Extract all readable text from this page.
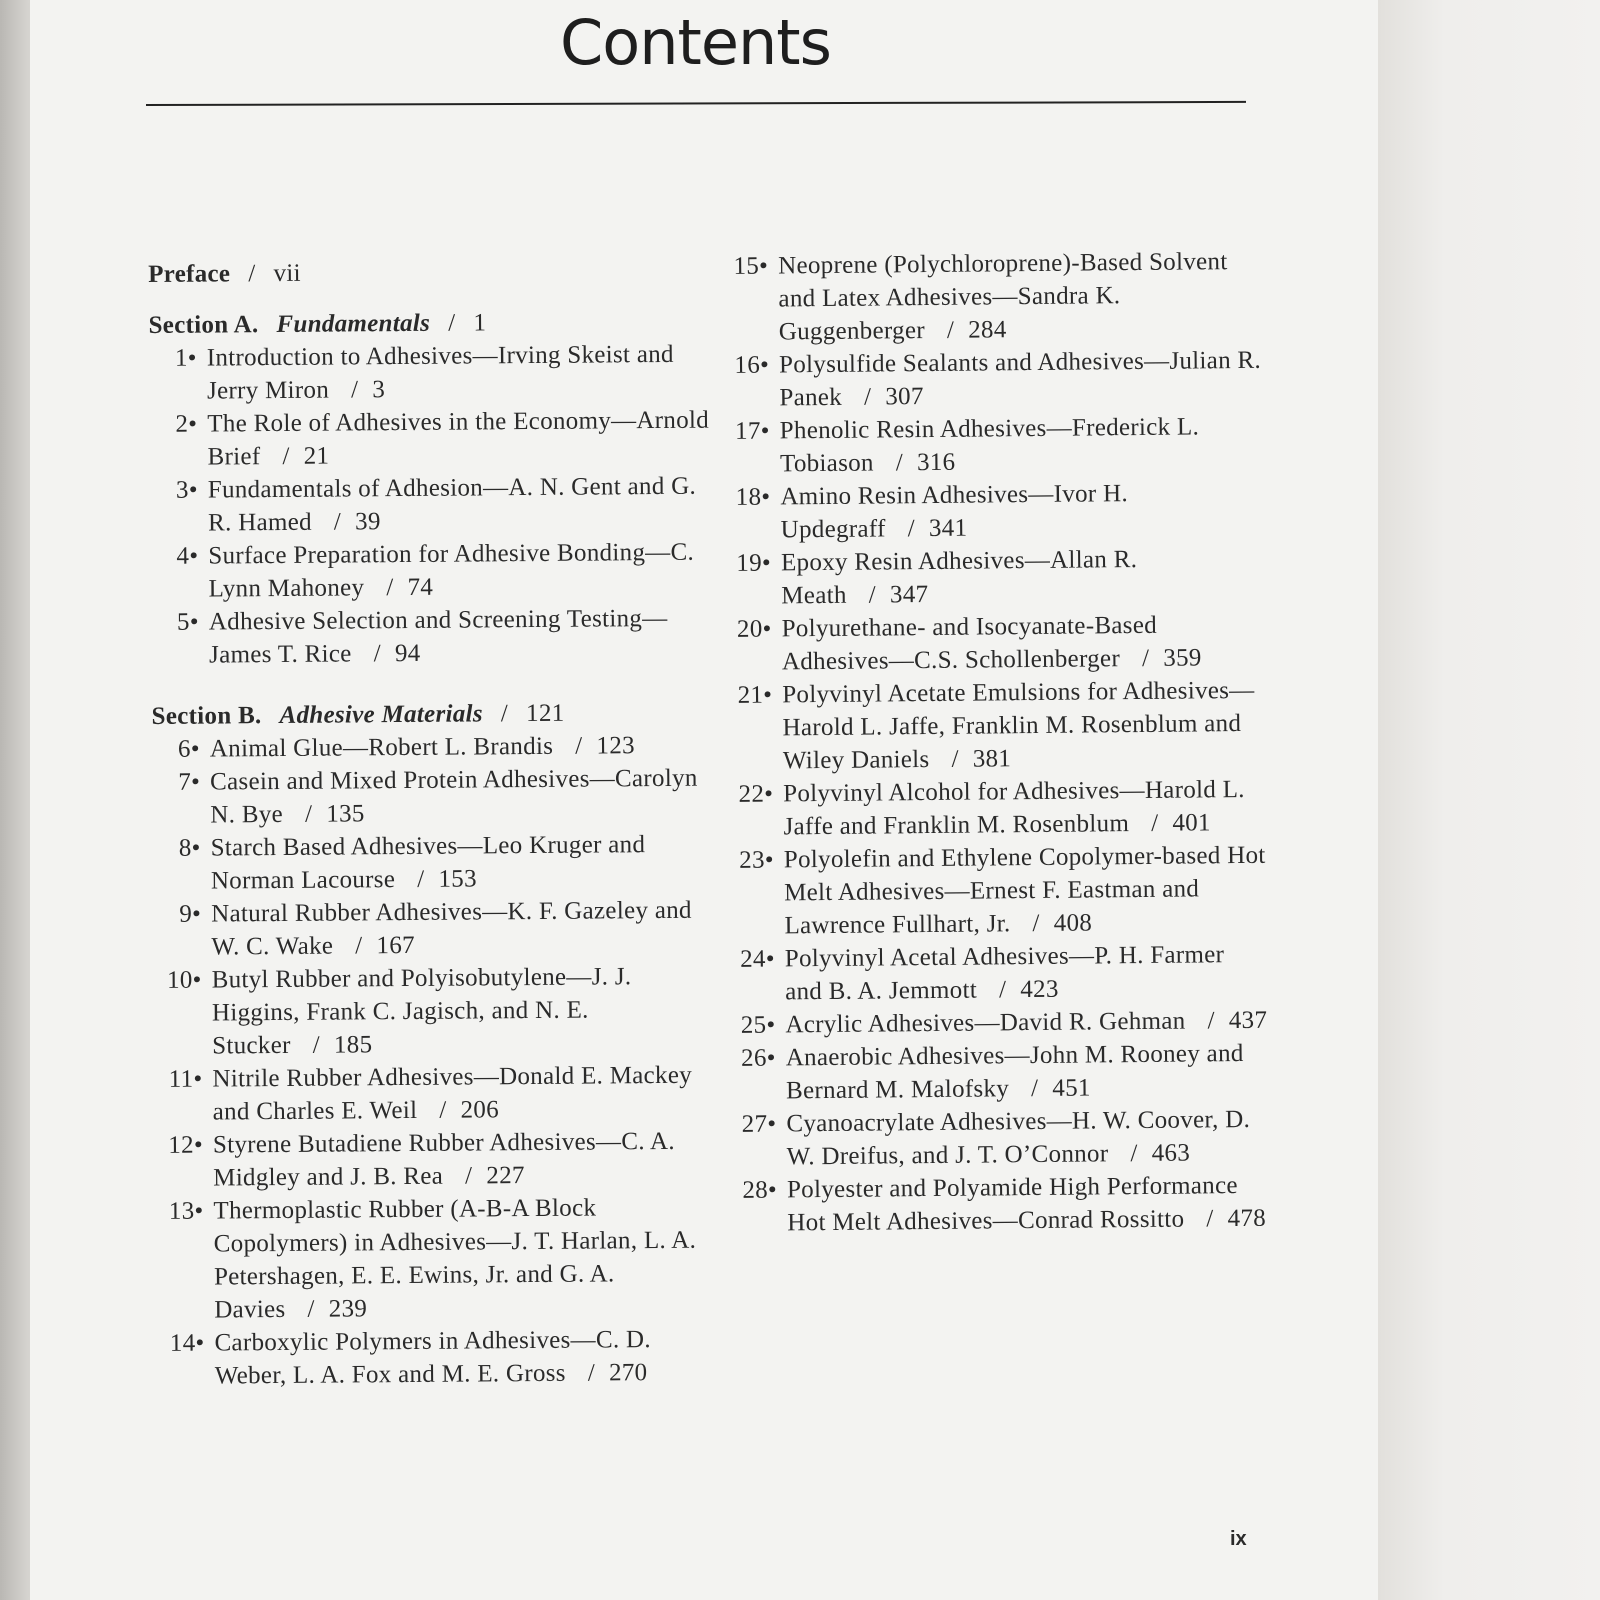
Contents
Preface / vii
Section A. Fundamentals / 1
1• Introduction to Adhesives—Irving Skeist and Jerry Miron / 3
2• The Role of Adhesives in the Economy—Arnold Brief / 21
3• Fundamentals of Adhesion—A. N. Gent and G. R. Hamed / 39
4• Surface Preparation for Adhesive Bonding—C. Lynn Mahoney / 74
5• Adhesive Selection and Screening Testing—James T. Rice / 94
Section B. Adhesive Materials / 121
6• Animal Glue—Robert L. Brandis / 123
7• Casein and Mixed Protein Adhesives—Carolyn N. Bye / 135
8• Starch Based Adhesives—Leo Kruger and Norman Lacourse / 153
9• Natural Rubber Adhesives—K. F. Gazeley and W. C. Wake / 167
10• Butyl Rubber and Polyisobutylene—J. J. Higgins, Frank C. Jagisch, and N. E. Stucker / 185
11• Nitrile Rubber Adhesives—Donald E. Mackey and Charles E. Weil / 206
12• Styrene Butadiene Rubber Adhesives—C. A. Midgley and J. B. Rea / 227
13• Thermoplastic Rubber (A-B-A Block Copolymers) in Adhesives—J. T. Harlan, L. A. Petershagen, E. E. Ewins, Jr. and G. A. Davies / 239
14• Carboxylic Polymers in Adhesives—C. D. Weber, L. A. Fox and M. E. Gross / 270
15• Neoprene (Polychloroprene)-Based Solvent and Latex Adhesives—Sandra K. Guggenberger / 284
16• Polysulfide Sealants and Adhesives—Julian R. Panek / 307
17• Phenolic Resin Adhesives—Frederick L. Tobiason / 316
18• Amino Resin Adhesives—Ivor H. Updegraff / 341
19• Epoxy Resin Adhesives—Allan R. Meath / 347
20• Polyurethane- and Isocyanate-Based Adhesives—C.S. Schollenberger / 359
21• Polyvinyl Acetate Emulsions for Adhesives—Harold L. Jaffe, Franklin M. Rosenblum and Wiley Daniels / 381
22• Polyvinyl Alcohol for Adhesives—Harold L. Jaffe and Franklin M. Rosenblum / 401
23• Polyolefin and Ethylene Copolymer-based Hot Melt Adhesives—Ernest F. Eastman and Lawrence Fullhart, Jr. / 408
24• Polyvinyl Acetal Adhesives—P. H. Farmer and B. A. Jemmott / 423
25• Acrylic Adhesives—David R. Gehman / 437
26• Anaerobic Adhesives—John M. Rooney and Bernard M. Malofsky / 451
27• Cyanoacrylate Adhesives—H. W. Coover, D. W. Dreifus, and J. T. O’Connor / 463
28• Polyester and Polyamide High Performance Hot Melt Adhesives—Conrad Rossitto / 478
ix
